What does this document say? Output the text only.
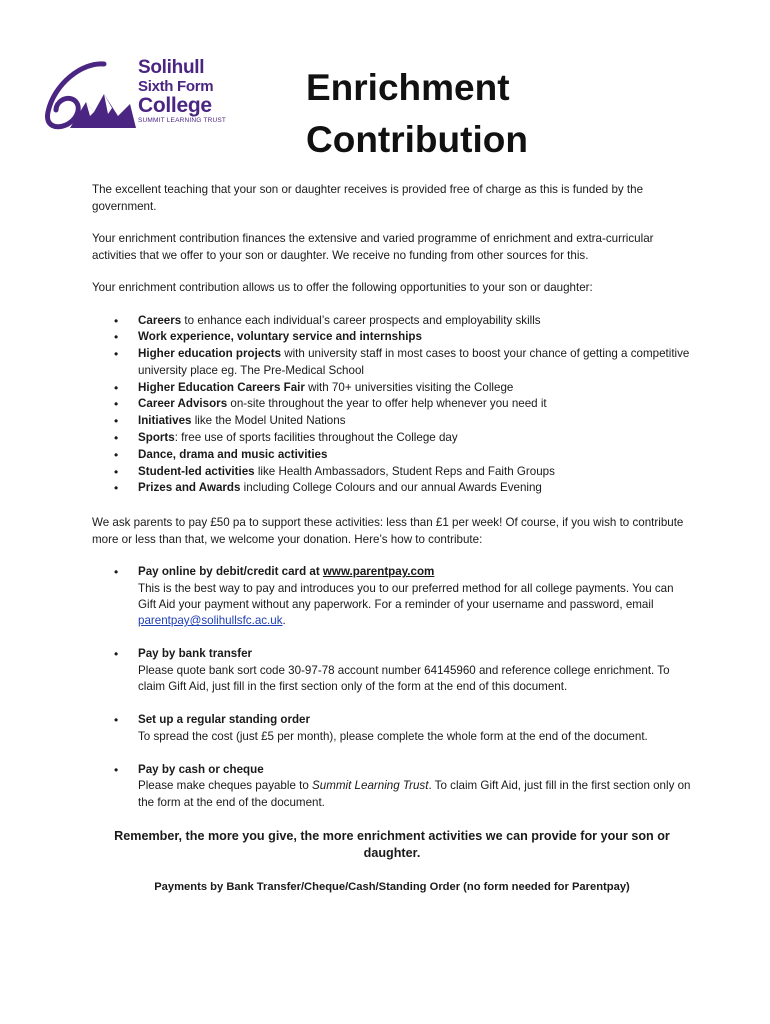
Solihull
Sixth Form
College
SUMMIT LEARNING TRUST
Enrichment
Contribution

The excellent teaching that your son or daughter receives is provided free of charge as this is funded by the government.

Your enrichment contribution finances the extensive and varied programme of enrichment and extra-curricular activities that we offer to your son or daughter. We receive no funding from other sources for this.

Your enrichment contribution allows us to offer the following opportunities to your son or daughter:

• Careers to enhance each individual’s career prospects and employability skills
• Work experience, voluntary service and internships
• Higher education projects with university staff in most cases to boost your chance of getting a competitive university place eg. The Pre-Medical School
• Higher Education Careers Fair with 70+ universities visiting the College
• Career Advisors on-site throughout the year to offer help whenever you need it
• Initiatives like the Model United Nations
• Sports: free use of sports facilities throughout the College day
• Dance, drama and music activities
• Student-led activities like Health Ambassadors, Student Reps and Faith Groups
• Prizes and Awards including College Colours and our annual Awards Evening

We ask parents to pay £50 pa to support these activities: less than £1 per week! Of course, if you wish to contribute more or less than that, we welcome your donation. Here’s how to contribute:

• Pay online by debit/credit card at www.parentpay.com
This is the best way to pay and introduces you to our preferred method for all college payments. You can Gift Aid your payment without any paperwork. For a reminder of your username and password, email parentpay@solihullsfc.ac.uk.
• Pay by bank transfer
Please quote bank sort code 30-97-78 account number 64145960 and reference college enrichment. To claim Gift Aid, just fill in the first section only of the form at the end of this document.
• Set up a regular standing order
To spread the cost (just £5 per month), please complete the whole form at the end of the document.
• Pay by cash or cheque
Please make cheques payable to Summit Learning Trust. To claim Gift Aid, just fill in the first section only on the form at the end of the document.
Remember, the more you give, the more enrichment activities we can provide for your son or daughter.
Payments by Bank Transfer/Cheque/Cash/Standing Order (no form needed for Parentpay)
